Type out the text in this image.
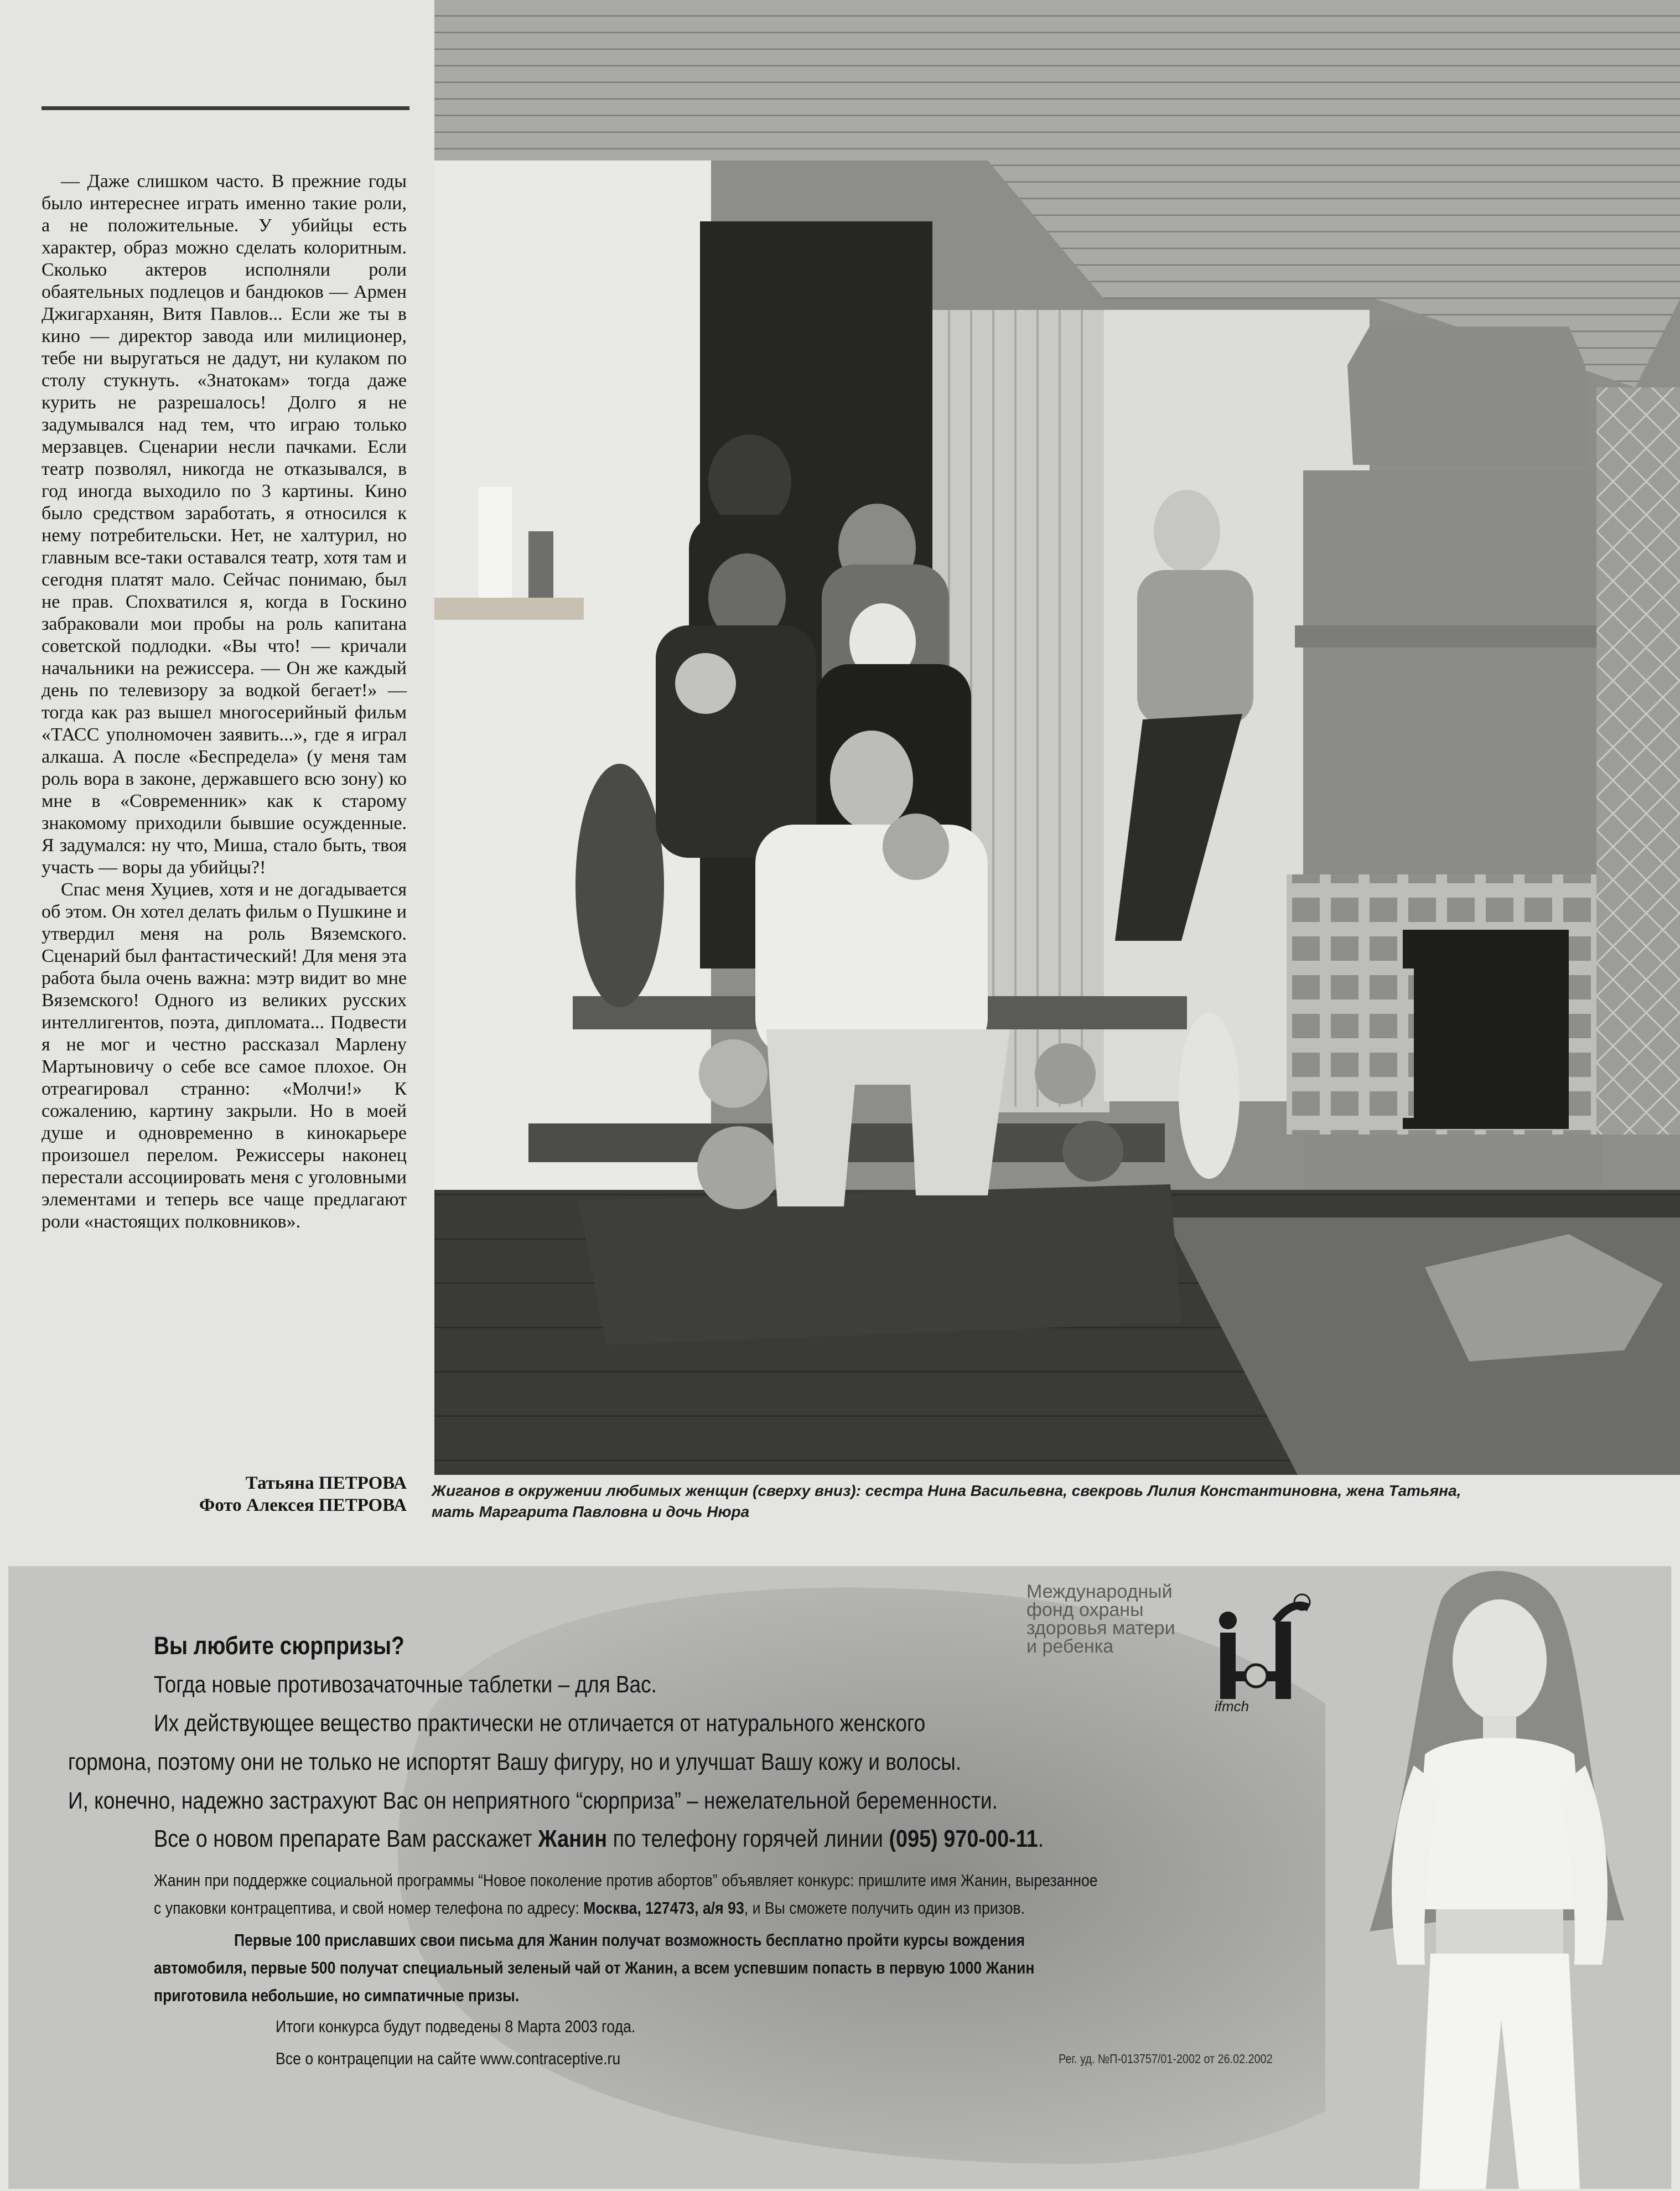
— Даже слишком часто. В прежние годы было интереснее играть именно такие роли, а не положительные. У убийцы есть характер, образ можно сделать колоритным. Сколько актеров исполняли роли обаятельных подлецов и бандюков — Армен Джигарханян, Витя Павлов... Если же ты в кино — директор завода или милиционер, тебе ни выругаться не дадут, ни кулаком по столу стукнуть. «Знатокам» тогда даже курить не разрешалось! Долго я не задумывался над тем, что играю только мерзавцев. Сценарии несли пачками. Если театр позволял, никогда не отказывался, в год иногда выходило по 3 картины. Кино было средством заработать, я относился к нему потребительски. Нет, не халтурил, но главным все-таки оставался театр, хотя там и сегодня платят мало. Сейчас понимаю, был не прав. Спохватился я, когда в Госкино забраковали мои пробы на роль капитана советской подлодки. «Вы что! — кричали начальники на режиссера. — Он же каждый день по телевизору за водкой бегает!» — тогда как раз вышел многосерийный фильм «ТАСС уполномочен заявить...», где я играл алкаша. А после «Беспредела» (у меня там роль вора в законе, державшего всю зону) ко мне в «Современник» как к старому знакомому приходили бывшие осужденные. Я задумался: ну что, Миша, стало быть, твоя участь — воры да убийцы?!

Спас меня Хуциев, хотя и не догадывается об этом. Он хотел делать фильм о Пушкине и утвердил меня на роль Вяземского. Сценарий был фантастический! Для меня эта работа была очень важна: мэтр видит во мне Вяземского! Одного из великих русских интеллигентов, поэта, дипломата... Подвести я не мог и честно рассказал Марлену Мартыновичу о себе все самое плохое. Он отреагировал странно: «Молчи!» К сожалению, картину закрыли. Но в моей душе и одновременно в кинокарьере произошел перелом. Режиссеры наконец перестали ассоциировать меня с уголовными элементами и теперь все чаще предлагают роли «настоящих полковников».

Татьяна ПЕТРОВА
Фото Алексея ПЕТРОВА
Жиганов в окружении любимых женщин (сверху вниз): сестра Нина Васильевна, свекровь Лилия Константиновна, жена Татьяна,
мать Маргарита Павловна и дочь Нюра
Вы любите сюрпризы?
Тогда новые противозачаточные таблетки – для Вас.
Их действующее вещество практически не отличается от натурального женского
гормона, поэтому они не только не испортят Вашу фигуру, но и улучшат Вашу кожу и волосы.
И, конечно, надежно застрахуют Вас он неприятного “сюрприза” – нежелательной беременности.
Все о новом препарате Вам расскажет Жанин по телефону горячей линии (095) 970-00-11.
Жанин при поддержке социальной программы “Новое поколение против абортов” объявляет конкурс: пришлите имя Жанин, вырезанное
с упаковки контрацептива, и свой номер телефона по адресу: Москва, 127473, а/я 93, и Вы сможете получить один из призов.
Первые 100 приславших свои письма для Жанин получат возможность бесплатно пройти курсы вождения
автомобиля, первые 500 получат специальный зеленый чай от Жанин, а всем успевшим попасть в первую 1000 Жанин
приготовила небольшие, но симпатичные призы.
Итоги конкурса будут подведены 8 Марта 2003 года.
Все о контрацепции на сайте www.contraceptive.ru	Рег. уд. №П-013757/01-2002 от 26.02.2002
Международный
фонд охраны
здоровья матери
и ребенка
ifmch
